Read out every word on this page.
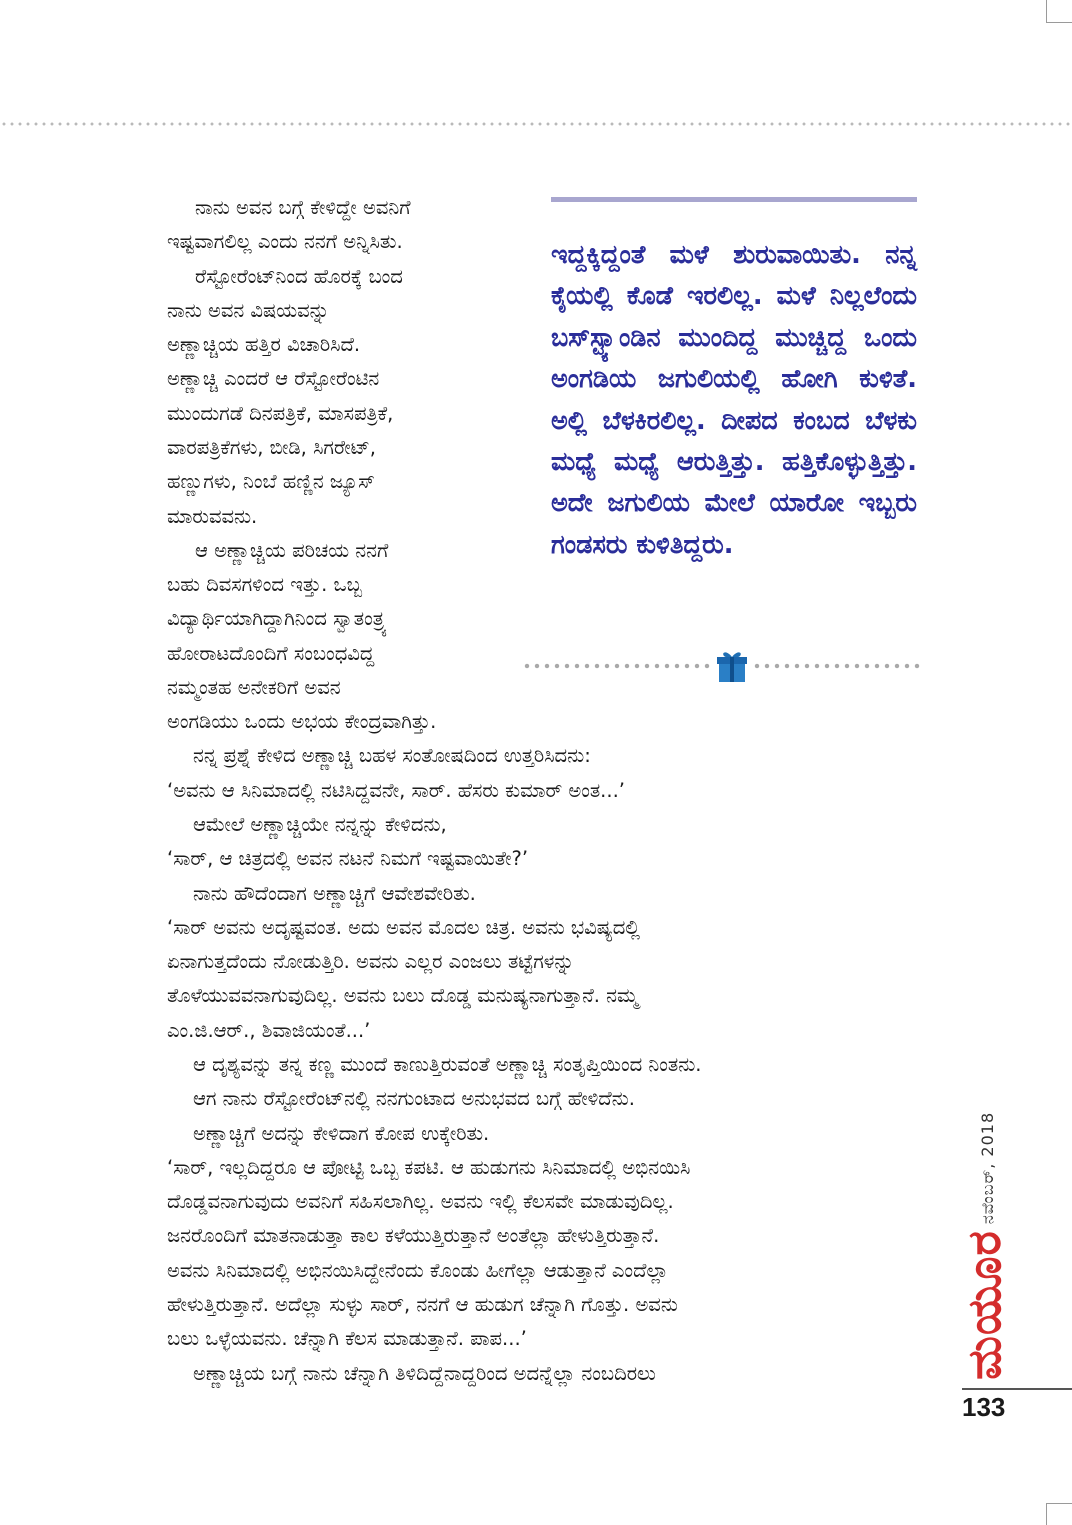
ಇದ್ದಕ್ಕಿದ್ದಂತೆ ಮಳೆ ಶುರುವಾಯಿತು. ನನ್ನ ಕೈಯಲ್ಲಿ ಕೊಡೆ ಇರಲಿಲ್ಲ. ಮಳೆ ನಿಲ್ಲಲೆಂದು ಬಸ್‌ಸ್ಟ್ಯಾಂಡಿನ ಮುಂದಿದ್ದ ಮುಚ್ಚಿದ್ದ ಒಂದು ಅಂಗಡಿಯ ಜಗುಲಿಯಲ್ಲಿ ಹೋಗಿ ಕುಳಿತೆ. ಅಲ್ಲಿ ಬೆಳಕಿರಲಿಲ್ಲ. ದೀಪದ ಕಂಬದ ಬೆಳಕು ಮಧ್ಯೆ ಮಧ್ಯೆ ಆರುತ್ತಿತ್ತು. ಹತ್ತಿಕೊಳ್ಳುತ್ತಿತ್ತು. ಅದೇ ಜಗುಲಿಯ ಮೇಲೆ ಯಾರೋ ಇಬ್ಬರು ಗಂಡಸರು ಕುಳಿತಿದ್ದರು.

ನಾನು ಅವನ ಬಗ್ಗೆ ಕೇಳಿದ್ದೇ ಅವನಿಗೆ

ಇಷ್ಟವಾಗಲಿಲ್ಲ ಎಂದು ನನಗೆ ಅನ್ನಿಸಿತು.

ರೆಸ್ಟೋರೆಂಟ್‌ನಿಂದ ಹೊರಕ್ಕೆ ಬಂದ

ನಾನು ಅವನ ವಿಷಯವನ್ನು

ಅಣ್ಣಾಚ್ಚಿಯ ಹತ್ತಿರ ವಿಚಾರಿಸಿದೆ.

ಅಣ್ಣಾಚ್ಚಿ ಎಂದರೆ ಆ ರೆಸ್ಟೋರೆಂಟಿನ

ಮುಂದುಗಡೆ ದಿನಪತ್ರಿಕೆ, ಮಾಸಪತ್ರಿಕೆ,

ವಾರಪತ್ರಿಕೆಗಳು, ಬೀಡಿ, ಸಿಗರೇಟ್,

ಹಣ್ಣುಗಳು, ನಿಂಬೆ ಹಣ್ಣಿನ ಜ್ಯೂಸ್

ಮಾರುವವನು.

ಆ ಅಣ್ಣಾಚ್ಚಿಯ ಪರಿಚಯ ನನಗೆ

ಬಹು ದಿವಸಗಳಿಂದ ಇತ್ತು. ಒಬ್ಬ

ವಿದ್ಯಾರ್ಥಿಯಾಗಿದ್ದಾಗಿನಿಂದ ಸ್ವಾತಂತ್ರ್ಯ

ಹೋರಾಟದೊಂದಿಗೆ ಸಂಬಂಧವಿದ್ದ

ನಮ್ಮಂತಹ ಅನೇಕರಿಗೆ ಅವನ

ಅಂಗಡಿಯು ಒಂದು ಅಭಯ ಕೇಂದ್ರವಾಗಿತ್ತು.

ನನ್ನ ಪ್ರಶ್ನೆ ಕೇಳಿದ ಅಣ್ಣಾಚ್ಚಿ ಬಹಳ ಸಂತೋಷದಿಂದ ಉತ್ತರಿಸಿದನು:

‘ಅವನು ಆ ಸಿನಿಮಾದಲ್ಲಿ ನಟಿಸಿದ್ದವನೇ, ಸಾರ್. ಹೆಸರು ಕುಮಾರ್ ಅಂತ...’

ಆಮೇಲೆ ಅಣ್ಣಾಚ್ಚಿಯೇ ನನ್ನನ್ನು ಕೇಳಿದನು,

‘ಸಾರ್, ಆ ಚಿತ್ರದಲ್ಲಿ ಅವನ ನಟನೆ ನಿಮಗೆ ಇಷ್ಟವಾಯಿತೇ?’

ನಾನು ಹೌದೆಂದಾಗ ಅಣ್ಣಾಚ್ಚಿಗೆ ಆವೇಶವೇರಿತು.

‘ಸಾರ್ ಅವನು ಅದೃಷ್ಟವಂತ. ಅದು ಅವನ ಮೊದಲ ಚಿತ್ರ. ಅವನು ಭವಿಷ್ಯದಲ್ಲಿ

ಏನಾಗುತ್ತದೆಂದು ನೋಡುತ್ತಿರಿ. ಅವನು ಎಲ್ಲರ ಎಂಜಲು ತಟ್ಟೆಗಳನ್ನು

ತೊಳೆಯುವವನಾಗುವುದಿಲ್ಲ. ಅವನು ಬಲು ದೊಡ್ಡ ಮನುಷ್ಯನಾಗುತ್ತಾನೆ. ನಮ್ಮ

ಎಂ.ಜಿ.ಆರ್., ಶಿವಾಜಿಯಂತೆ...’

ಆ ದೃಶ್ಯವನ್ನು ತನ್ನ ಕಣ್ಣ ಮುಂದೆ ಕಾಣುತ್ತಿರುವಂತೆ ಅಣ್ಣಾಚ್ಚಿ ಸಂತೃಪ್ತಿಯಿಂದ ನಿಂತನು.

ಆಗ ನಾನು ರೆಸ್ಟೋರೆಂಟ್‌ನಲ್ಲಿ ನನಗುಂಟಾದ ಅನುಭವದ ಬಗ್ಗೆ ಹೇಳಿದೆನು.

ಅಣ್ಣಾಚ್ಚಿಗೆ ಅದನ್ನು ಕೇಳಿದಾಗ ಕೋಪ ಉಕ್ಕೇರಿತು.

‘ಸಾರ್, ಇಲ್ಲದಿದ್ದರೂ ಆ ಪೋಟ್ಟಿ ಒಬ್ಬ ಕಪಟಿ. ಆ ಹುಡುಗನು ಸಿನಿಮಾದಲ್ಲಿ ಅಭಿನಯಿಸಿ

ದೊಡ್ಡವನಾಗುವುದು ಅವನಿಗೆ ಸಹಿಸಲಾಗಿಲ್ಲ. ಅವನು ಇಲ್ಲಿ ಕೆಲಸವೇ ಮಾಡುವುದಿಲ್ಲ.

ಜನರೊಂದಿಗೆ ಮಾತನಾಡುತ್ತಾ ಕಾಲ ಕಳೆಯುತ್ತಿರುತ್ತಾನೆ ಅಂತೆಲ್ಲಾ ಹೇಳುತ್ತಿರುತ್ತಾನೆ.

ಅವನು ಸಿನಿಮಾದಲ್ಲಿ ಅಭಿನಯಿಸಿದ್ದೇನೆಂದು ಕೊಂಡು ಹೀಗೆಲ್ಲಾ ಆಡುತ್ತಾನೆ ಎಂದೆಲ್ಲಾ

ಹೇಳುತ್ತಿರುತ್ತಾನೆ. ಅದೆಲ್ಲಾ ಸುಳ್ಳು ಸಾರ್, ನನಗೆ ಆ ಹುಡುಗ ಚೆನ್ನಾಗಿ ಗೊತ್ತು. ಅವನು

ಬಲು ಒಳ್ಳೆಯವನು. ಚೆನ್ನಾಗಿ ಕೆಲಸ ಮಾಡುತ್ತಾನೆ. ಪಾಪ...’

ಅಣ್ಣಾಚ್ಚಿಯ ಬಗ್ಗೆ ನಾನು ಚೆನ್ನಾಗಿ ತಿಳಿದಿದ್ದೆನಾದ್ದರಿಂದ ಅದನ್ನೆಲ್ಲಾ ನಂಬದಿರಲು

ನವೆಂಬರ್, 2018
ಮಯೂರ

133
